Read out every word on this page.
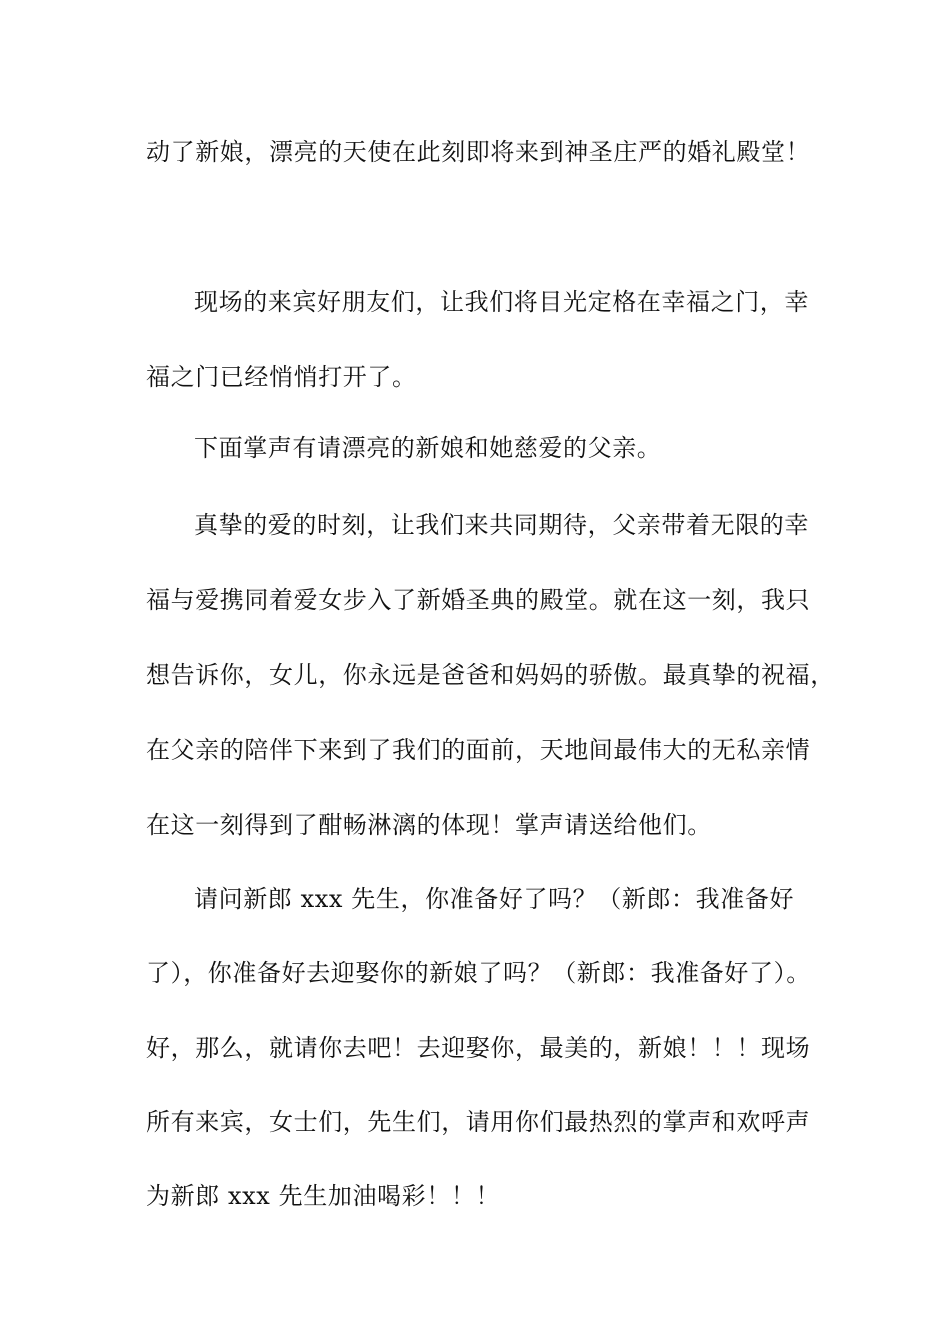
动了新娘，漂亮的天使在此刻即将来到神圣庄严的婚礼殿堂！

现场的来宾好朋友们，让我们将目光定格在幸福之门，幸

福之门已经悄悄打开了。

下面掌声有请漂亮的新娘和她慈爱的父亲。

真挚的爱的时刻，让我们来共同期待，父亲带着无限的幸

福与爱携同着爱女步入了新婚圣典的殿堂。就在这一刻，我只

想告诉你，女儿，你永远是爸爸和妈妈的骄傲。最真挚的祝福，

在父亲的陪伴下来到了我们的面前，天地间最伟大的无私亲情

在这一刻得到了酣畅淋漓的体现！掌声请送给他们。

请问新郎 xxx 先生，你准备好了吗？（新郎：我准备好

了），你准备好去迎娶你的新娘了吗？（新郎：我准备好了）。

好，那么，就请你去吧！去迎娶你，最美的，新娘！！！现场

所有来宾，女士们，先生们，请用你们最热烈的掌声和欢呼声

为新郎 xxx 先生加油喝彩！！！
